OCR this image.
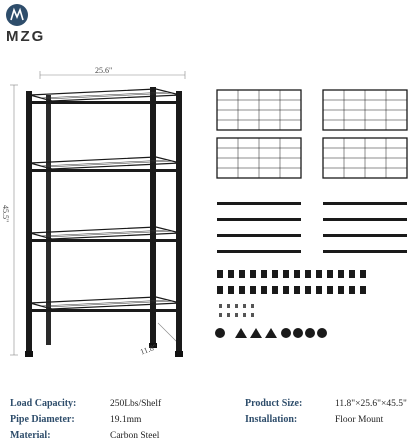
MZG
25.6"
45.5"
11.8"
Load Capacity:	250Lbs/Shelf
Pipe Diameter:	19.1mm
Material:	Carbon Steel
Product Size:	11.8"×25.6"×45.5"
Installation:	Floor Mount
